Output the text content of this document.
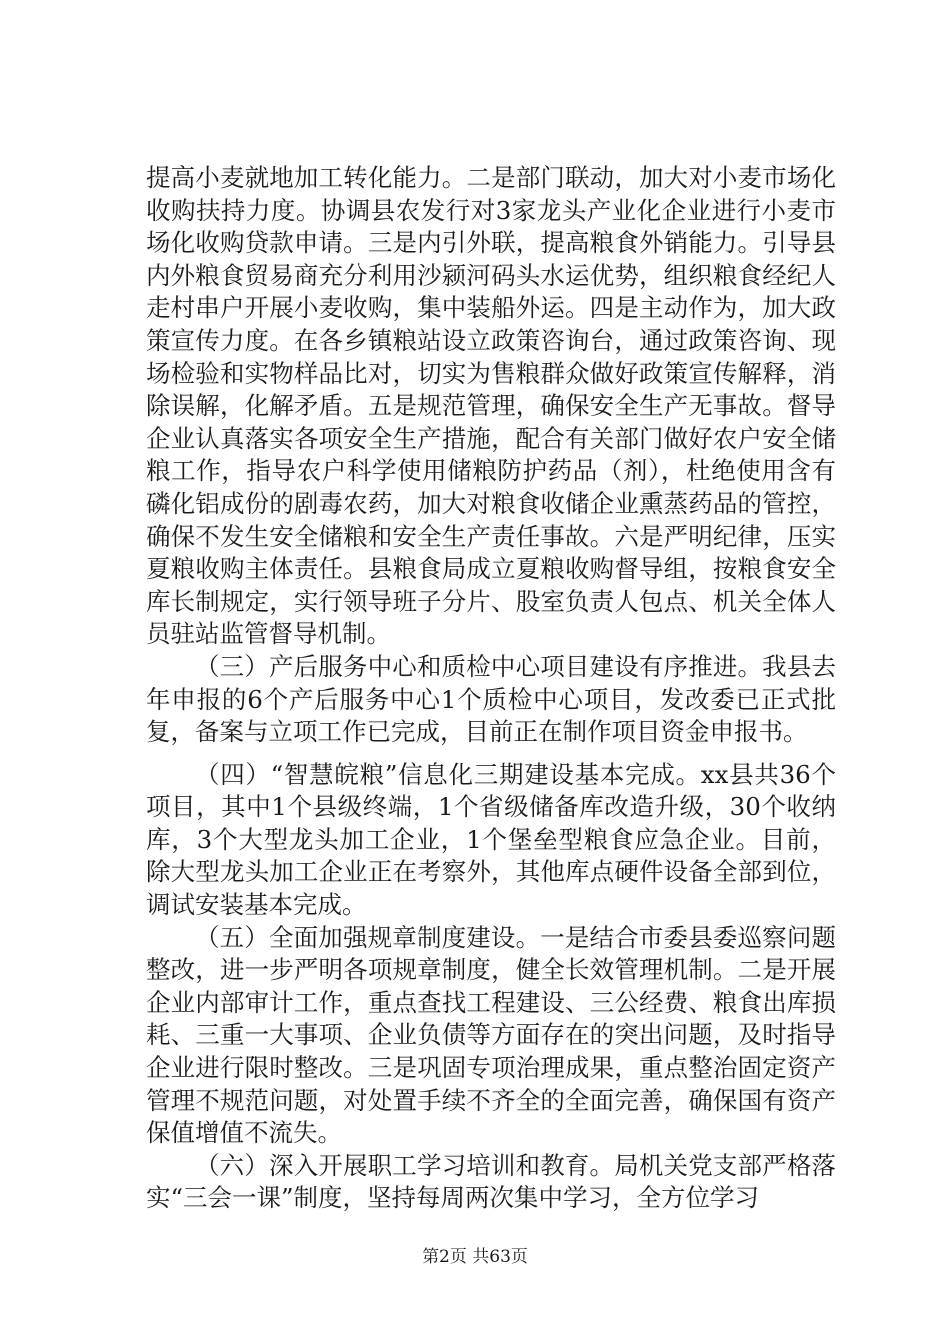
提高小麦就地加工转化能力。二是部门联动，加大对小麦市场化收购扶持力度。协调县农发行对3家龙头产业化企业进行小麦市场化收购贷款申请。三是内引外联，提高粮食外销能力。引导县内外粮食贸易商充分利用沙颍河码头水运优势，组织粮食经纪人走村串户开展小麦收购，集中装船外运。四是主动作为，加大政策宣传力度。在各乡镇粮站设立政策咨询台，通过政策咨询、现场检验和实物样品比对，切实为售粮群众做好政策宣传解释，消除误解，化解矛盾。五是规范管理，确保安全生产无事故。督导企业认真落实各项安全生产措施，配合有关部门做好农户安全储粮工作，指导农户科学使用储粮防护药品（剂），杜绝使用含有磷化铝成份的剧毒农药，加大对粮食收储企业熏蒸药品的管控，确保不发生安全储粮和安全生产责任事故。六是严明纪律，压实夏粮收购主体责任。县粮食局成立夏粮收购督导组，按粮食安全库长制规定，实行领导班子分片、股室负责人包点、机关全体人员驻站监管督导机制。

（三）产后服务中心和质检中心项目建设有序推进。我县去年申报的6个产后服务中心1个质检中心项目，发改委已正式批复，备案与立项工作已完成，目前正在制作项目资金申报书。

（四）“智慧皖粮”信息化三期建设基本完成。xx县共36个项目，其中1个县级终端，1个省级储备库改造升级，30个收纳库，3个大型龙头加工企业，1个堡垒型粮食应急企业。目前，除大型龙头加工企业正在考察外，其他库点硬件设备全部到位，调试安装基本完成。

（五）全面加强规章制度建设。一是结合市委县委巡察问题整改，进一步严明各项规章制度，健全长效管理机制。二是开展企业内部审计工作，重点查找工程建设、三公经费、粮食出库损耗、三重一大事项、企业负债等方面存在的突出问题，及时指导企业进行限时整改。三是巩固专项治理成果，重点整治固定资产管理不规范问题，对处置手续不齐全的全面完善，确保国有资产保值增值不流失。

（六）深入开展职工学习培训和教育。局机关党支部严格落实“三会一课”制度，坚持每周两次集中学习，全方位学习

第2页 共63页
